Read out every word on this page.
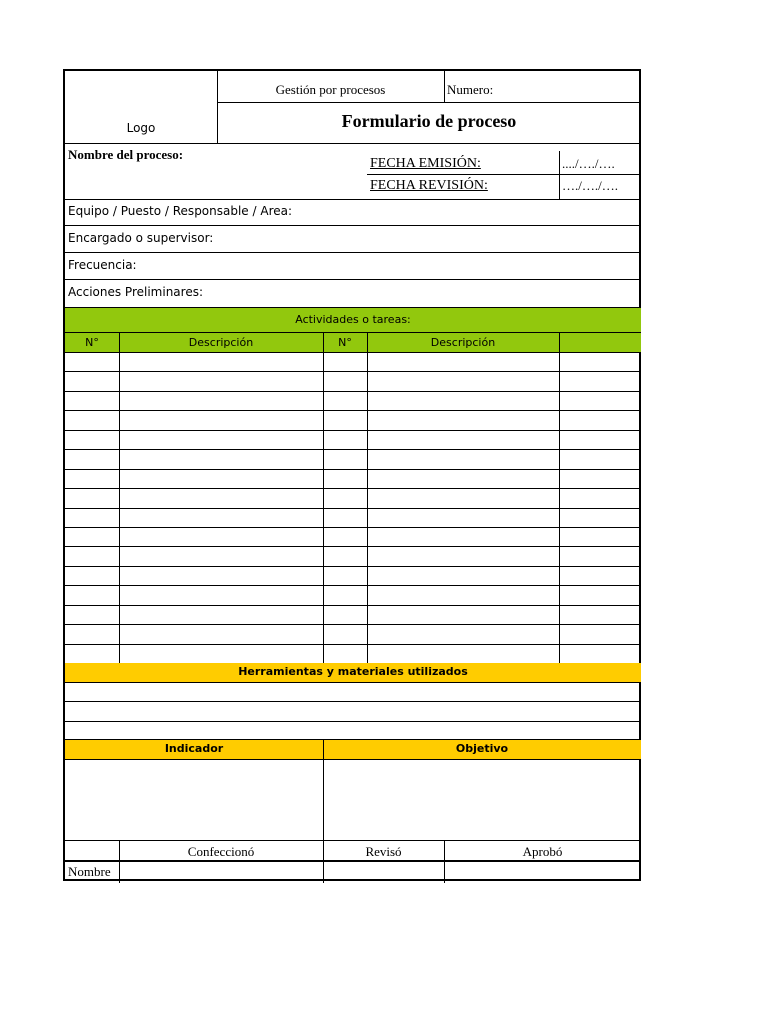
Logo
Gestión por procesos	Numero:
Formulario de proceso
Nombre del proceso:
FECHA EMISIÓN:	..../…./….
FECHA REVISIÓN:	…./…./….
Equipo / Puesto / Responsable / Area:
Encargado o supervisor:
Frecuencia:
Acciones Preliminares:
Actividades o tareas:
N°	Descripción	N°	Descripción
Herramientas y materiales utilizados
Indicador	Objetivo
Confeccionó	Revisó	Aprobó
Nombre
